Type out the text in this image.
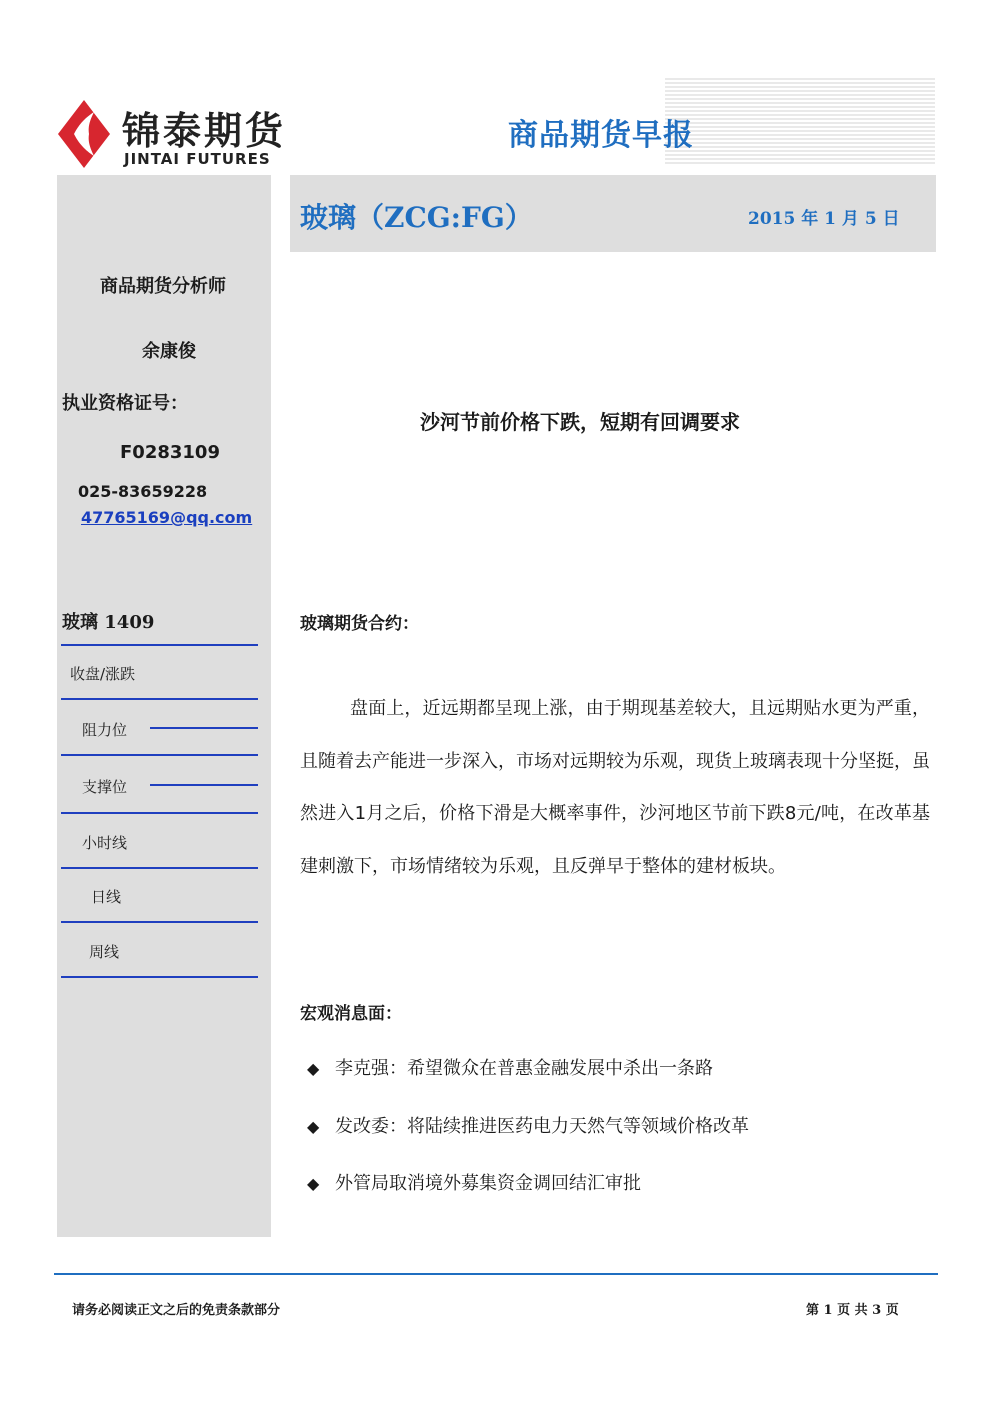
锦泰期货
JINTAI FUTURES
商品期货早报
玻璃（ZCG:FG）	2015 年 1 月 5 日
商品期货分析师
余康俊
执业资格证号：
F0283109
025-83659228
47765169@qq.com
玻璃 1409
收盘/涨跌
阻力位
支撑位
小时线
日线
周线
沙河节前价格下跌，短期有回调要求
玻璃期货合约：
盘面上，近远期都呈现上涨，由于期现基差较大，且远期贴水更为严重，且随着去产能进一步深入，市场对远期较为乐观，现货上玻璃表现十分坚挺，虽然进入1月之后，价格下滑是大概率事件，沙河地区节前下跌8元/吨，在改革基建刺激下，市场情绪较为乐观，且反弹早于整体的建材板块。
宏观消息面：
◆ 李克强：希望微众在普惠金融发展中杀出一条路
◆ 发改委：将陆续推进医药电力天然气等领域价格改革
◆ 外管局取消境外募集资金调回结汇审批
请务必阅读正文之后的免责条款部分	第 1 页 共 3 页
